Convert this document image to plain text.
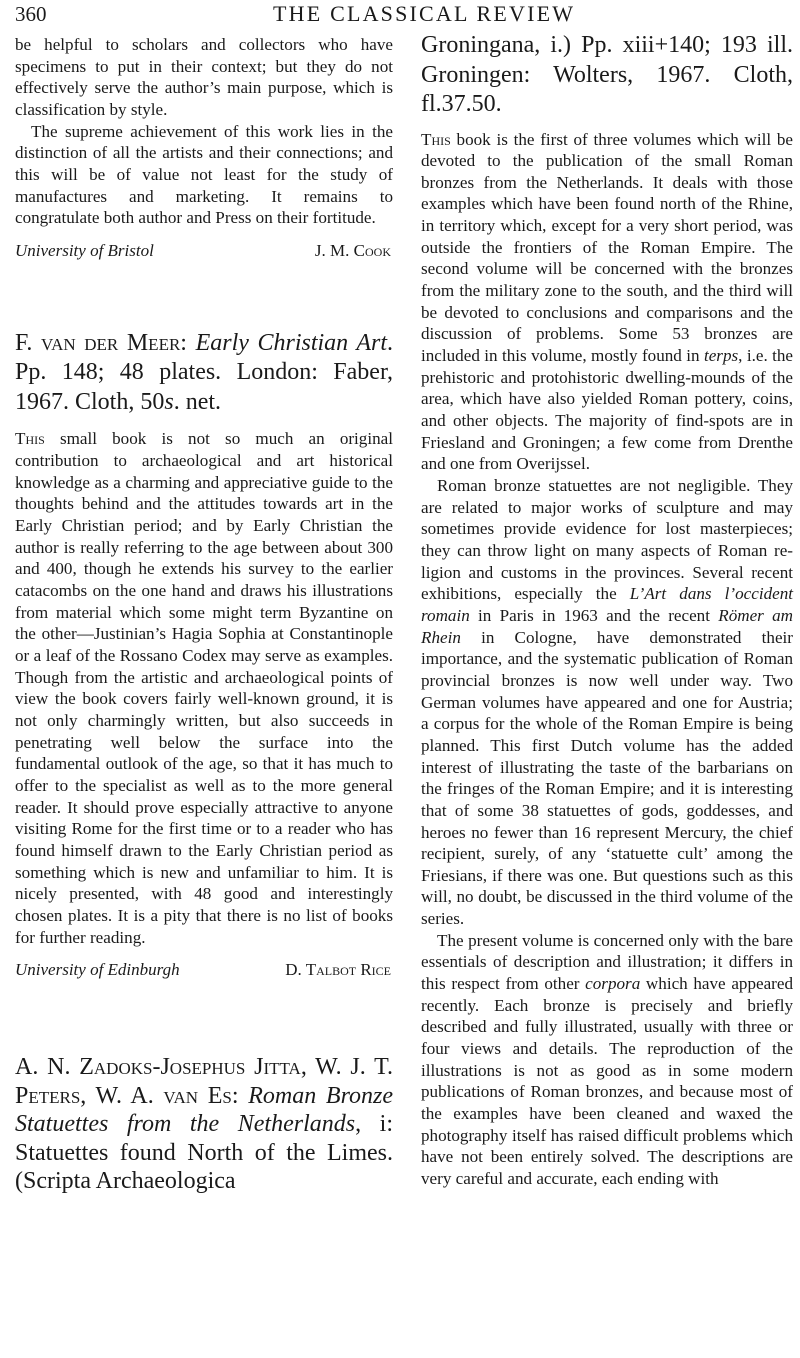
360	THE CLASSICAL REVIEW

be helpful to scholars and collectors who have specimens to put in their context; but they do not effectively serve the author’s main purpose, which is classification by style.

The supreme achievement of this work lies in the distinction of all the artists and their connections; and this will be of value not least for the study of manufactures and marketing. It remains to congratulate both author and Press on their fortitude.

University of Bristol	J. M. Cook
F. van der Meer: Early Christian Art. Pp. 148; 48 plates. London: Faber, 1967. Cloth, 50s. net.

This small book is not so much an original contribution to archaeological and art historical knowledge as a charming and appreciative guide to the thoughts behind and the attitudes towards art in the Early Christian period; and by Early Christian the author is really referring to the age between about 300 and 400, though he extends his survey to the earlier catacombs on the one hand and draws his illustrations from material which some might term Byzantine on the other—Justinian’s Hagia Sophia at Constantinople or a leaf of the Rossano Codex may serve as examples. Though from the artistic and archaeological points of view the book covers fairly well-known ground, it is not only charmingly written, but also succeeds in penetrating well below the surface into the fundamental outlook of the age, so that it has much to offer to the specialist as well as to the more general reader. It should prove especially attractive to anyone visiting Rome for the first time or to a reader who has found himself drawn to the Early Christian period as something which is new and unfamiliar to him. It is nicely presented, with 48 good and interestingly chosen plates. It is a pity that there is no list of books for further reading.

University of Edinburgh	D. Talbot Rice
A. N. Zadoks-Josephus Jitta, W. J. T. Peters, W. A. van Es: Roman Bronze Statuettes from the Netherlands, i: Statuettes found North of the Limes. (Scripta Archaeologica
Groningana, i.) Pp. xiii+140; 193 ill. Groningen: Wolters, 1967. Cloth, fl.37.50.

This book is the first of three volumes which will be devoted to the publication of the small Roman bronzes from the Netherlands. It deals with those examples which have been found north of the Rhine, in territory which, except for a very short period, was outside the frontiers of the Roman Empire. The second volume will be concerned with the bronzes from the military zone to the south, and the third will be devoted to conclusions and comparisons and the discussion of problems. Some 53 bronzes are included in this volume, mostly found in terps, i.e. the prehistoric and protohistoric dwelling-mounds of the area, which have also yielded Roman pottery, coins, and other objects. The majority of find-spots are in Friesland and Groningen; a few come from Drenthe and one from Overijssel.

Roman bronze statuettes are not negligible. They are related to major works of sculpture and may sometimes provide evidence for lost masterpieces; they can throw light on many aspects of Roman religion and customs in the provinces. Several recent exhibitions, especially the L’Art dans l’occident romain in Paris in 1963 and the recent Römer am Rhein in Cologne, have demonstrated their importance, and the systematic publication of Roman provincial bronzes is now well under way. Two German volumes have appeared and one for Austria; a corpus for the whole of the Roman Empire is being planned. This first Dutch volume has the added interest of illustrating the taste of the barbarians on the fringes of the Roman Empire; and it is interesting that of some 38 statuettes of gods, goddesses, and heroes no fewer than 16 represent Mercury, the chief recipient, surely, of any ‘statuette cult’ among the Friesians, if there was one. But questions such as this will, no doubt, be discussed in the third volume of the series.

The present volume is concerned only with the bare essentials of description and illustration; it differs in this respect from other corpora which have appeared recently. Each bronze is precisely and briefly described and fully illustrated, usually with three or four views and details. The reproduction of the illustrations is not as good as in some modern publications of Roman bronzes, and because most of the examples have been cleaned and waxed the photography itself has raised difficult problems which have not been entirely solved. The descriptions are very careful and accurate, each ending with
